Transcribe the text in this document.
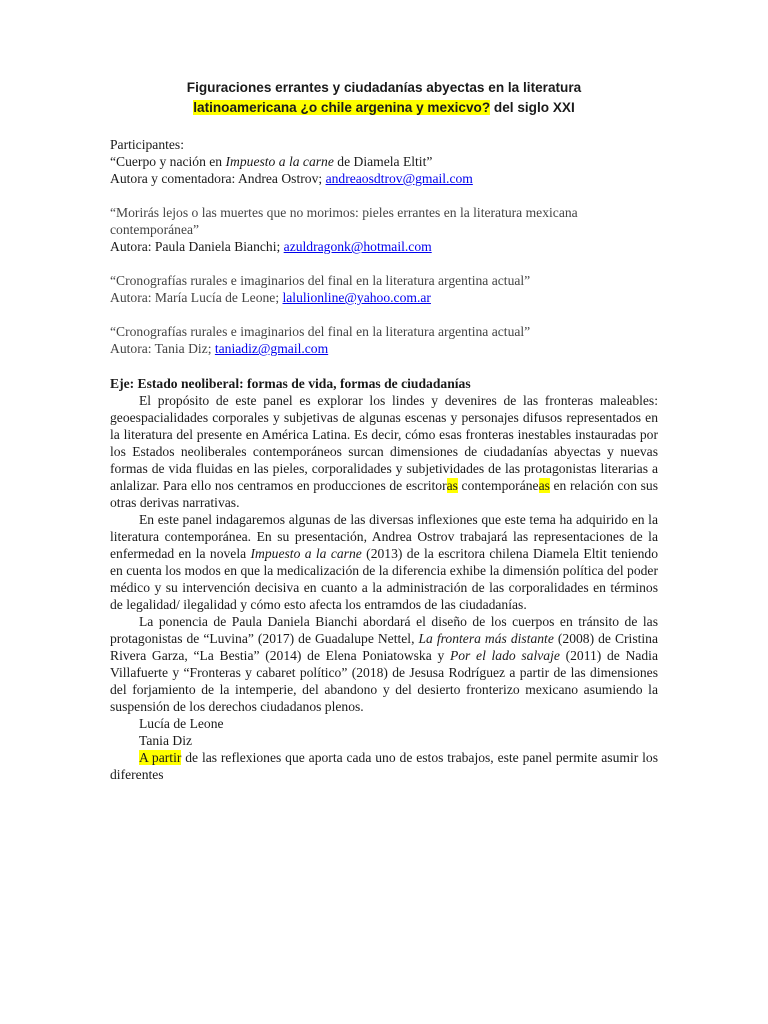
Figuraciones errantes y ciudadanías abyectas en la literatura

latinoamericana ¿o chile argenina y mexicvo? del siglo XXI

Participantes:

“Cuerpo y nación en Impuesto a la carne de Diamela Eltit”

Autora y comentadora: Andrea Ostrov; andreaosdtrov@gmail.com

“Morirás lejos o las muertes que no morimos: pieles errantes en la literatura mexicana contemporánea”

Autora: Paula Daniela Bianchi; azuldragonk@hotmail.com

“Cronografías rurales e imaginarios del final en la literatura argentina actual”

Autora: María Lucía de Leone; lalulionline@yahoo.com.ar

“Cronografías rurales e imaginarios del final en la literatura argentina actual”

Autora: Tania Diz; taniadiz@gmail.com

Eje: Estado neoliberal: formas de vida, formas de ciudadanías

El propósito de este panel es explorar los lindes y devenires de las fronteras maleables: geoespacialidades corporales y subjetivas de algunas escenas y personajes difusos representados en la literatura del presente en América Latina. Es decir, cómo esas fronteras inestables instauradas por los Estados neoliberales contemporáneos surcan dimensiones de ciudadanías abyectas y nuevas formas de vida fluidas en las pieles, corporalidades y subjetividades de las protagonistas literarias a anlalizar. Para ello nos centramos en producciones de escritoras contemporáneas en relación con sus otras derivas narrativas.

En este panel indagaremos algunas de las diversas inflexiones que este tema ha adquirido en la literatura contemporánea. En su presentación, Andrea Ostrov trabajará las representaciones de la enfermedad en la novela Impuesto a la carne (2013) de la escritora chilena Diamela Eltit teniendo en cuenta los modos en que la medicalización de la diferencia exhibe la dimensión política del poder médico y su intervención decisiva en cuanto a la administración de las corporalidades en términos de legalidad/ ilegalidad y cómo esto afecta los entramdos de las ciudadanías.

La ponencia de Paula Daniela Bianchi abordará el diseño de los cuerpos en tránsito de las protagonistas de “Luvina” (2017) de Guadalupe Nettel, La frontera más distante (2008) de Cristina Rivera Garza, “La Bestia” (2014) de Elena Poniatowska y Por el lado salvaje (2011) de Nadia Villafuerte y “Fronteras y cabaret político” (2018) de Jesusa Rodríguez a partir de las dimensiones del forjamiento de la intemperie, del abandono y del desierto fronterizo mexicano asumiendo la suspensión de los derechos ciudadanos plenos.

Lucía de Leone

Tania Diz

A partir de las reflexiones que aporta cada uno de estos trabajos, este panel permite asumir los diferentes
